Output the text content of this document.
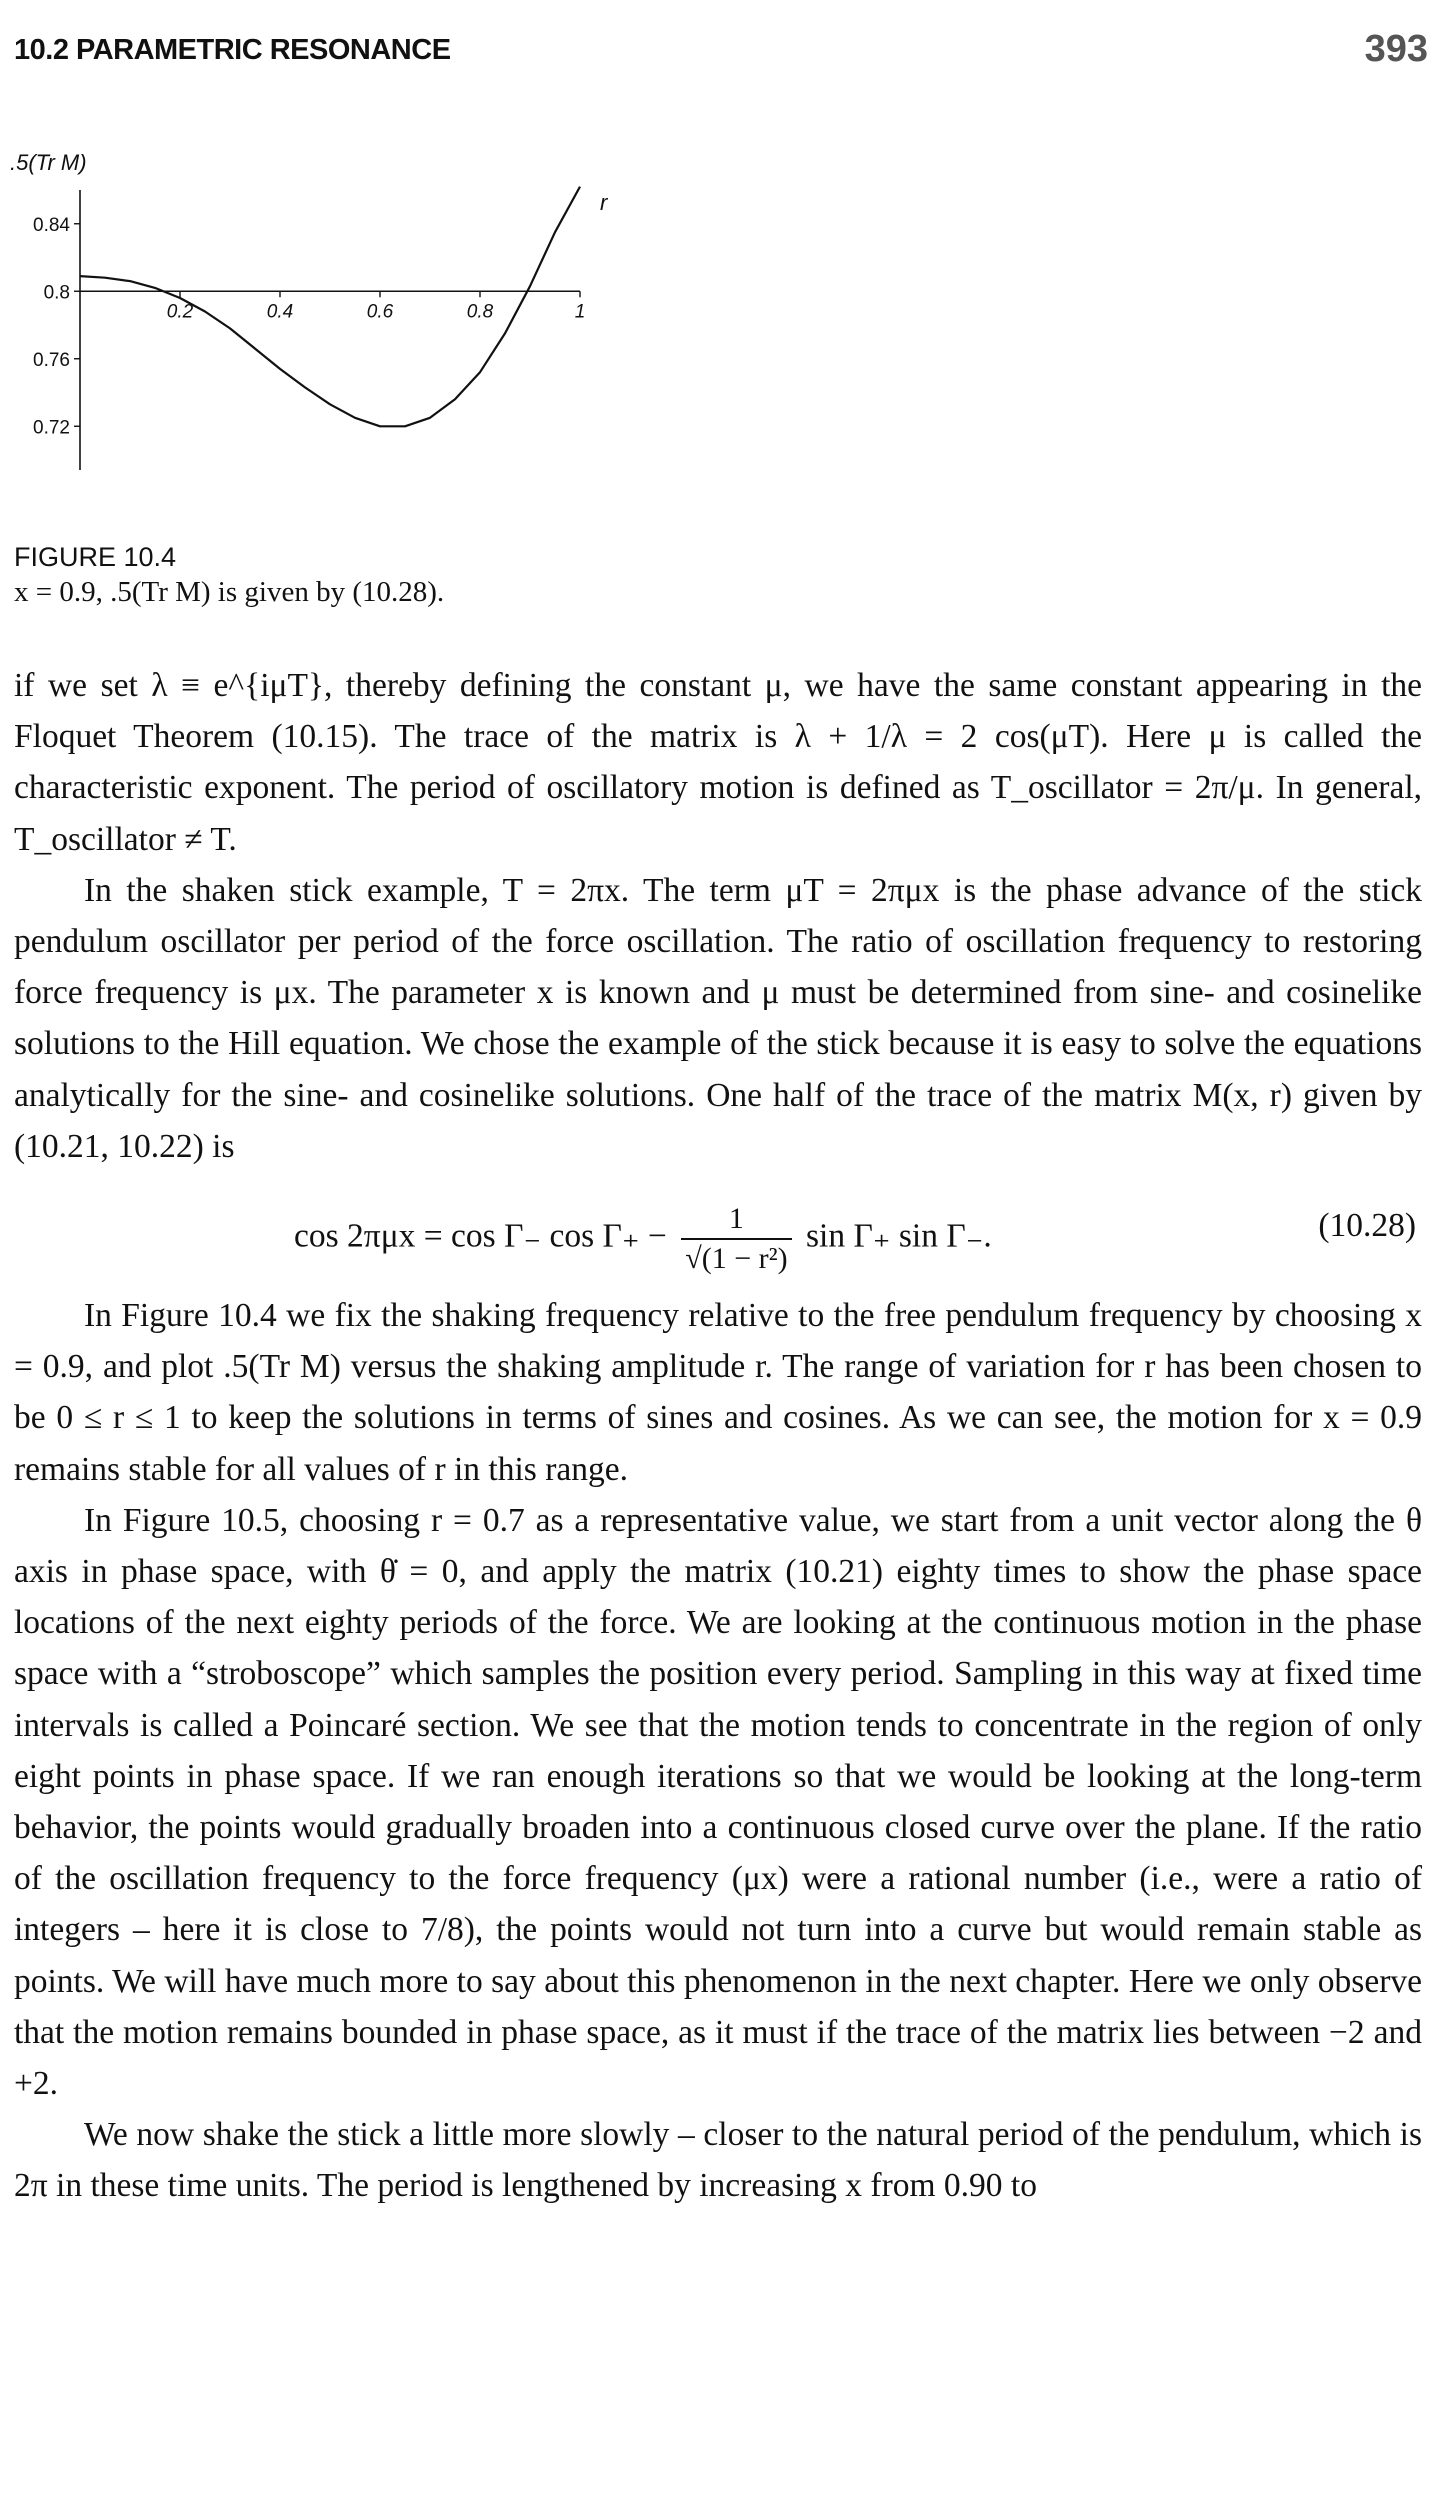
10.2 PARAMETRIC RESONANCE	393
.5(Tr M)
0.84
0.8
0.76
0.72
0.2	0.4	0.6	0.8	1
r
FIGURE 10.4
x = 0.9, .5(Tr M) is given by (10.28).

if we set λ ≡ e^{iμT}, thereby defining the constant μ, we have the same constant appearing in the Floquet Theorem (10.15). The trace of the matrix is λ + 1/λ = 2 cos(μT). Here μ is called the characteristic exponent. The period of oscillatory motion is defined as T_oscillator = 2π/μ. In general, T_oscillator ≠ T.

In the shaken stick example, T = 2πx. The term μT = 2πμx is the phase advance of the stick pendulum oscillator per period of the force oscillation. The ratio of oscillation frequency to restoring force frequency is μx. The parameter x is known and μ must be determined from sine- and cosinelike solutions to the Hill equation. We chose the example of the stick because it is easy to solve the equations analytically for the sine- and cosinelike solutions. One half of the trace of the matrix M(x, r) given by (10.21, 10.22) is

cos 2πμx = cos Γ₋ $\cos \Gamma_+ - \frac{1}{\text{√(1 − r²)}}$ sin Γ₊ sin Γ₋.	(10.28)

In Figure 10.4 we fix the shaking frequency relative to the free pendulum frequency by choosing x = 0.9, and plot .5(Tr M) versus the shaking amplitude r. The range of variation for r has been chosen to be 0 ≤ r ≤ 1 to keep the solutions in terms of sines and cosines. As we can see, the motion for x = 0.9 remains stable for all values of r in this range.

In Figure 10.5, choosing r = 0.7 as a representative value, we start from a unit vector along the θ axis in phase space, with θ̇ = 0, and apply the matrix (10.21) eighty times to show the phase space locations of the next eighty periods of the force. We are looking at the continuous motion in the phase space with a “stroboscope” which samples the position every period. Sampling in this way at fixed time intervals is called a Poincaré section. We see that the motion tends to concentrate in the region of only eight points in phase space. If we ran enough iterations so that we would be looking at the long-term behavior, the points would gradually broaden into a continuous closed curve over the plane. If the ratio of the oscillation frequency to the force frequency (μx) were a rational number (i.e., were a ratio of integers – here it is close to 7/8), the points would not turn into a curve but would remain stable as points. We will have much more to say about this phenomenon in the next chapter. Here we only observe that the motion remains bounded in phase space, as it must if the trace of the matrix lies between −2 and +2.

We now shake the stick a little more slowly – closer to the natural period of the pendulum, which is 2π in these time units. The period is lengthened by increasing x from 0.90 to
